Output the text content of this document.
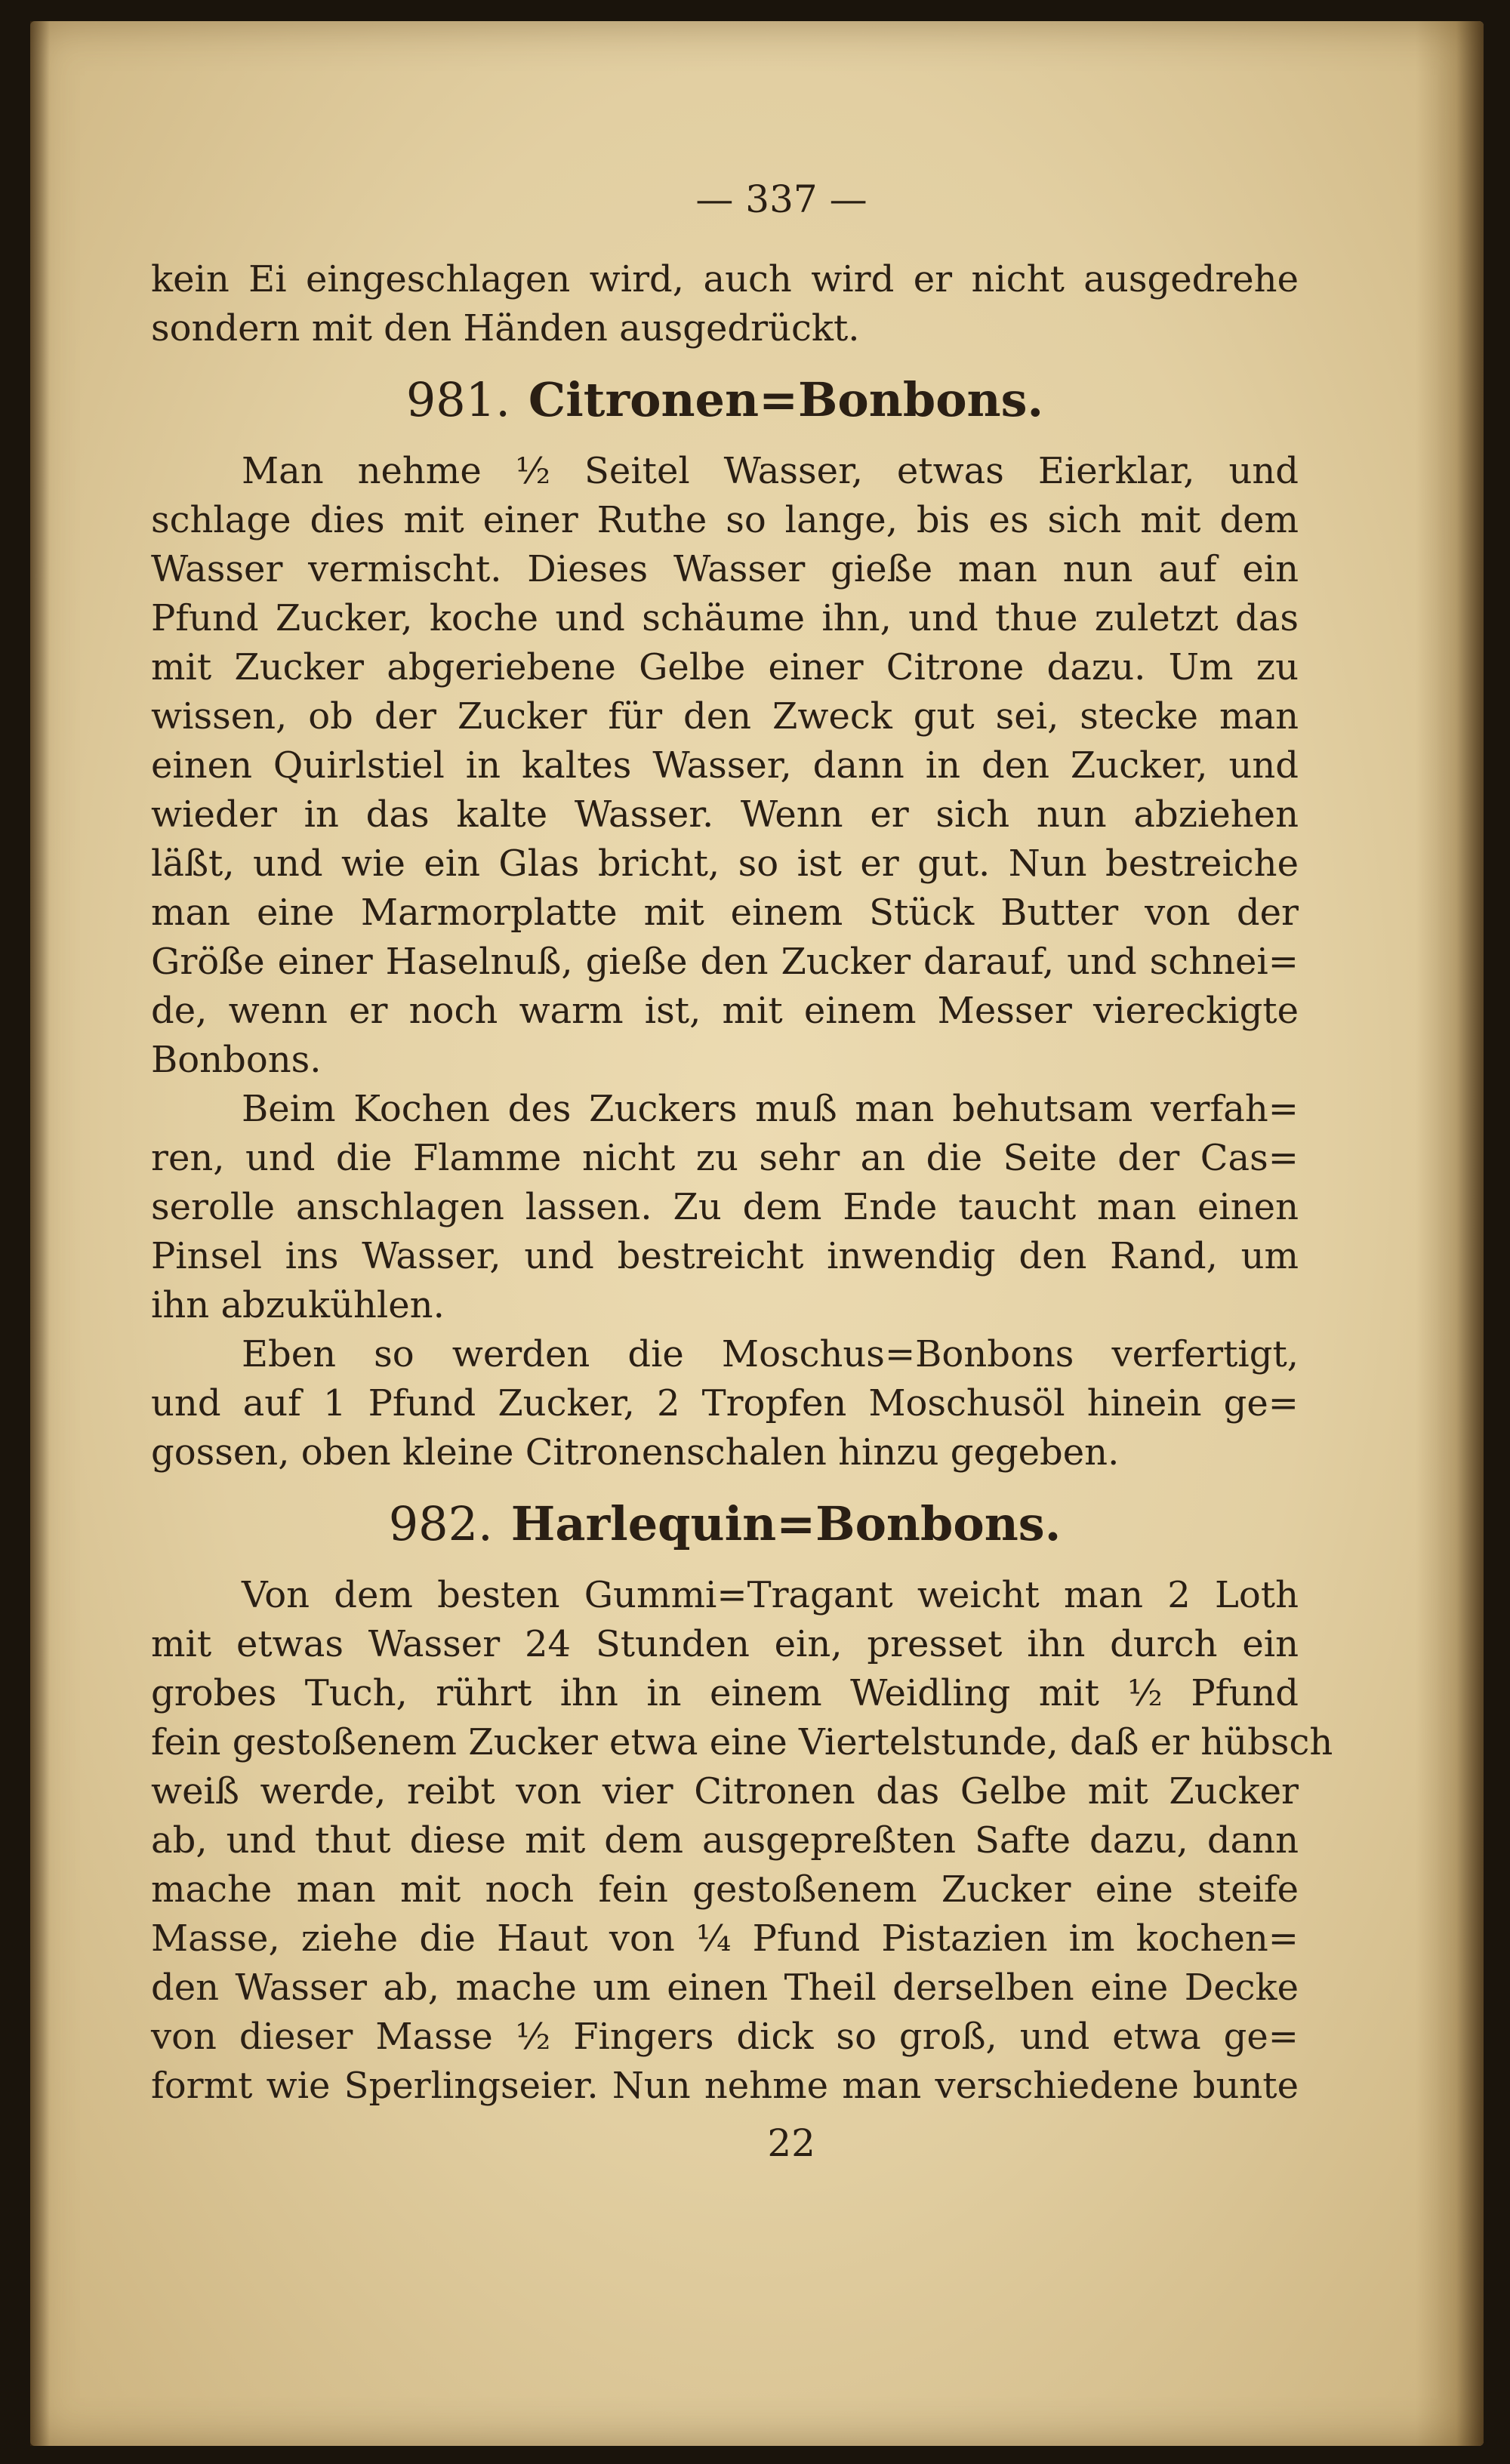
— 337 —
kein Ei eingeschlagen wird, auch wird er nicht ausgedrehe
sondern mit den Händen ausgedrückt.
981. Citronen=Bonbons.
Man nehme ½ Seitel Wasser, etwas Eierklar, und
schlage dies mit einer Ruthe so lange, bis es sich mit dem
Wasser vermischt. Dieses Wasser gieße man nun auf ein
Pfund Zucker, koche und schäume ihn, und thue zuletzt das
mit Zucker abgeriebene Gelbe einer Citrone dazu. Um zu
wissen, ob der Zucker für den Zweck gut sei, stecke man
einen Quirlstiel in kaltes Wasser, dann in den Zucker, und
wieder in das kalte Wasser. Wenn er sich nun abziehen
läßt, und wie ein Glas bricht, so ist er gut. Nun bestreiche
man eine Marmorplatte mit einem Stück Butter von der
Größe einer Haselnuß, gieße den Zucker darauf, und schnei=
de, wenn er noch warm ist, mit einem Messer viereckigte
Bonbons.
Beim Kochen des Zuckers muß man behutsam verfah=
ren, und die Flamme nicht zu sehr an die Seite der Cas=
serolle anschlagen lassen. Zu dem Ende taucht man einen
Pinsel ins Wasser, und bestreicht inwendig den Rand, um
ihn abzukühlen.
Eben so werden die Moschus=Bonbons verfertigt,
und auf 1 Pfund Zucker, 2 Tropfen Moschusöl hinein ge=
gossen, oben kleine Citronenschalen hinzu gegeben.
982. Harlequin=Bonbons.
Von dem besten Gummi=Tragant weicht man 2 Loth
mit etwas Wasser 24 Stunden ein, presset ihn durch ein
grobes Tuch, rührt ihn in einem Weidling mit ½ Pfund
fein gestoßenem Zucker etwa eine Viertelstunde, daß er hübsch
weiß werde, reibt von vier Citronen das Gelbe mit Zucker
ab, und thut diese mit dem ausgepreßten Safte dazu, dann
mache man mit noch fein gestoßenem Zucker eine steife
Masse, ziehe die Haut von ¼ Pfund Pistazien im kochen=
den Wasser ab, mache um einen Theil derselben eine Decke
von dieser Masse ½ Fingers dick so groß, und etwa ge=
formt wie Sperlingseier. Nun nehme man verschiedene bunte
22
